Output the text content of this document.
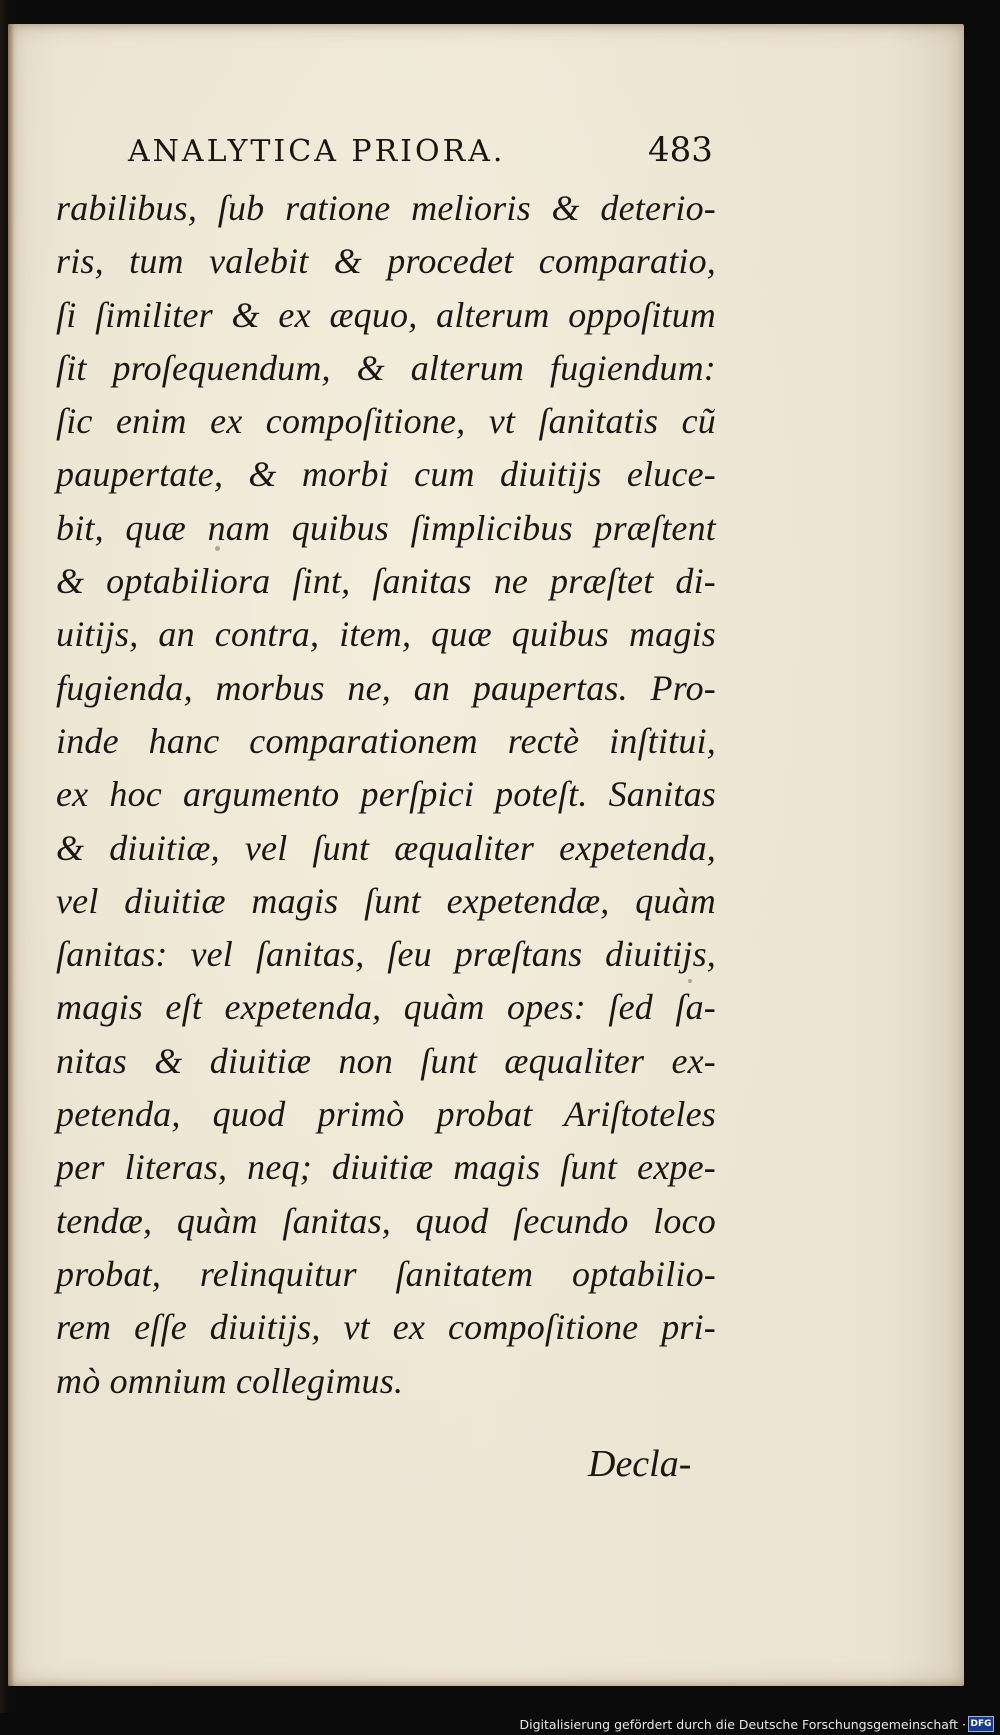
ANALYTICA PRIORA.	483
rabilibus, ſub ratione melioris & deterio-
ris, tum valebit & procedet comparatio,
ſi ſimiliter & ex æquo, alterum oppoſitum
ſit proſequendum, & alterum fugiendum:
ſic enim ex compoſitione, vt ſanitatis cũ
paupertate, & morbi cum diuitijs eluce-
bit, quæ nam quibus ſimplicibus præſtent
& optabiliora ſint, ſanitas ne præſtet di-
uitijs, an contra, item, quæ quibus magis
fugienda, morbus ne, an paupertas. Pro-
inde hanc comparationem rectè inſtitui,
ex hoc argumento perſpici poteſt. Sanitas
& diuitiæ, vel ſunt æqualiter expetenda,
vel diuitiæ magis ſunt expetendæ, quàm
ſanitas: vel ſanitas, ſeu præſtans diuitijs,
magis eſt expetenda, quàm opes: ſed ſa-
nitas & diuitiæ non ſunt æqualiter ex-
petenda, quod primò probat Ariſtoteles
per literas, neq; diuitiæ magis ſunt expe-
tendæ, quàm ſanitas, quod ſecundo loco
probat, relinquitur ſanitatem optabilio-
rem eſſe diuitijs, vt ex compoſitione pri-
mò omnium collegimus.
Decla-
Digitalisierung gefördert durch die Deutsche Forschungsgemeinschaft · DFG
